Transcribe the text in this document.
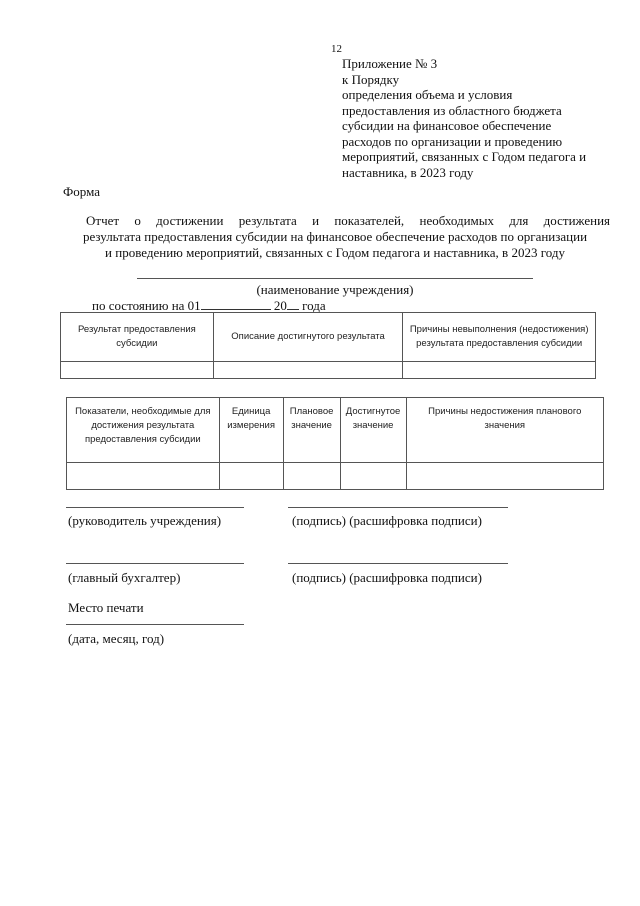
12
Приложение № 3
к Порядку
определения объема и условия
предоставления из областного бюджета
субсидии на финансовое обеспечение
расходов по организации и проведению
мероприятий, связанных с Годом педагога и
наставника, в 2023 году
Форма
Отчет о достижении результата и показателей, необходимых для достижения
результата предоставления субсидии на финансовое обеспечение расходов по организации
и проведению мероприятий, связанных с Годом педагога и наставника, в 2023 году
(наименование учреждения)
по состоянию на 01	20 года
Результат предоставления субсидии	Описание достигнутого результата	Причины невыполнения (недостижения) результата предоставления субсидии

Показатели, необходимые для достижения результата предоставления субсидии	Единица измерения	Плановое значение	Достигнутое значение	Причины недостижения планового значения

(руководитель учреждения)	(подпись) (расшифровка подписи)
(главный бухгалтер)	(подпись) (расшифровка подписи)
Место печати
(дата, месяц, год)
